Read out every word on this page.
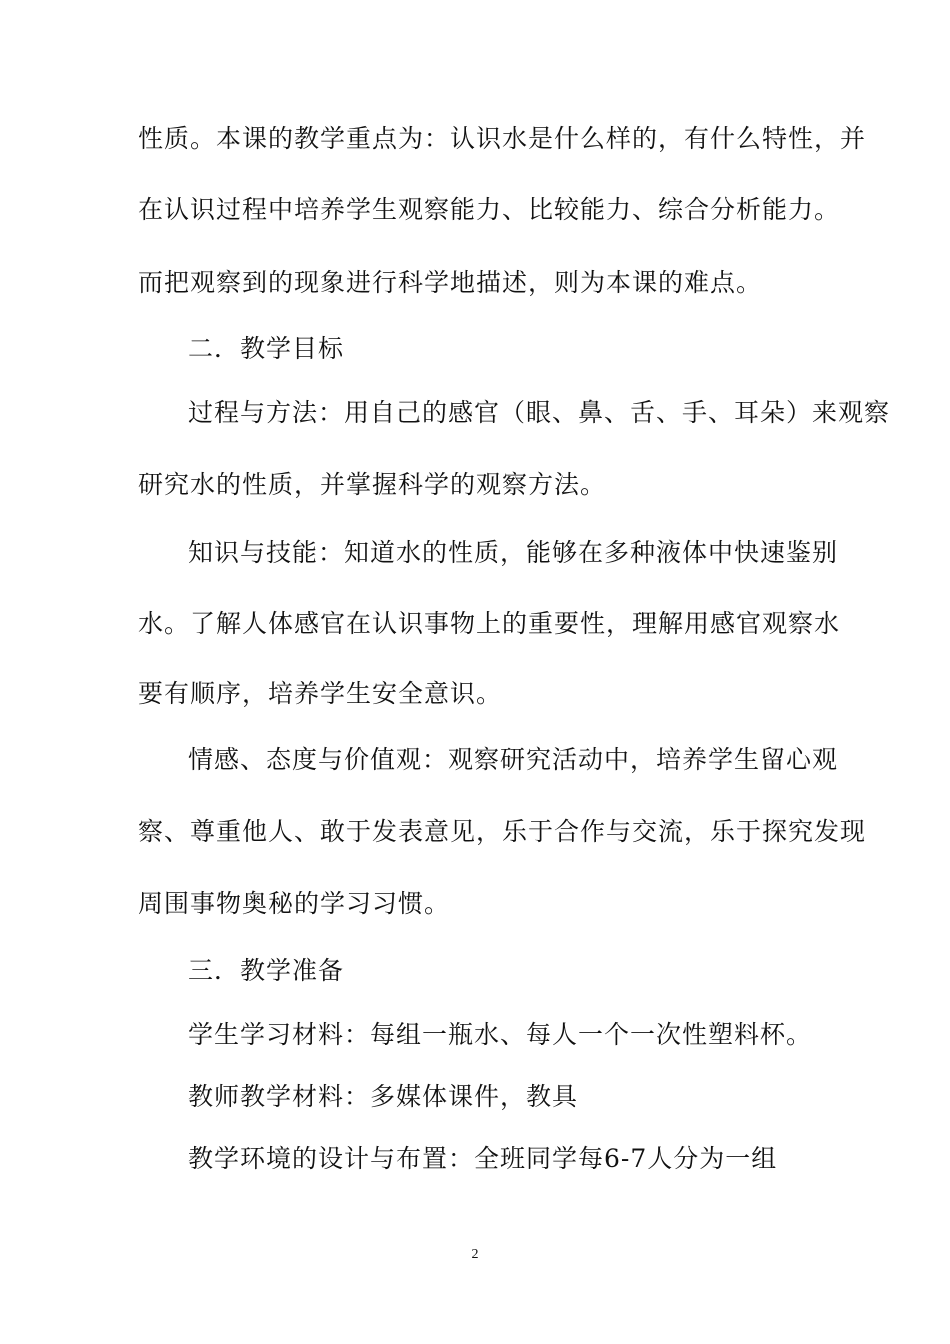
性质。本课的教学重点为：认识水是什么样的，有什么特性，并
在认识过程中培养学生观察能力、比较能力、综合分析能力。
而把观察到的现象进行科学地描述，则为本课的难点。
二．教学目标
过程与方法：用自己的感官（眼、鼻、舌、手、耳朵）来观察
研究水的性质，并掌握科学的观察方法。
知识与技能：知道水的性质，能够在多种液体中快速鉴别
水。了解人体感官在认识事物上的重要性，理解用感官观察水
要有顺序，培养学生安全意识。
情感、态度与价值观：观察研究活动中，培养学生留心观
察、尊重他人、敢于发表意见，乐于合作与交流，乐于探究发现
周围事物奥秘的学习习惯。
三．教学准备
学生学习材料：每组一瓶水、每人一个一次性塑料杯。
教师教学材料：多媒体课件，教具
教学环境的设计与布置：全班同学每6-7人分为一组
2
